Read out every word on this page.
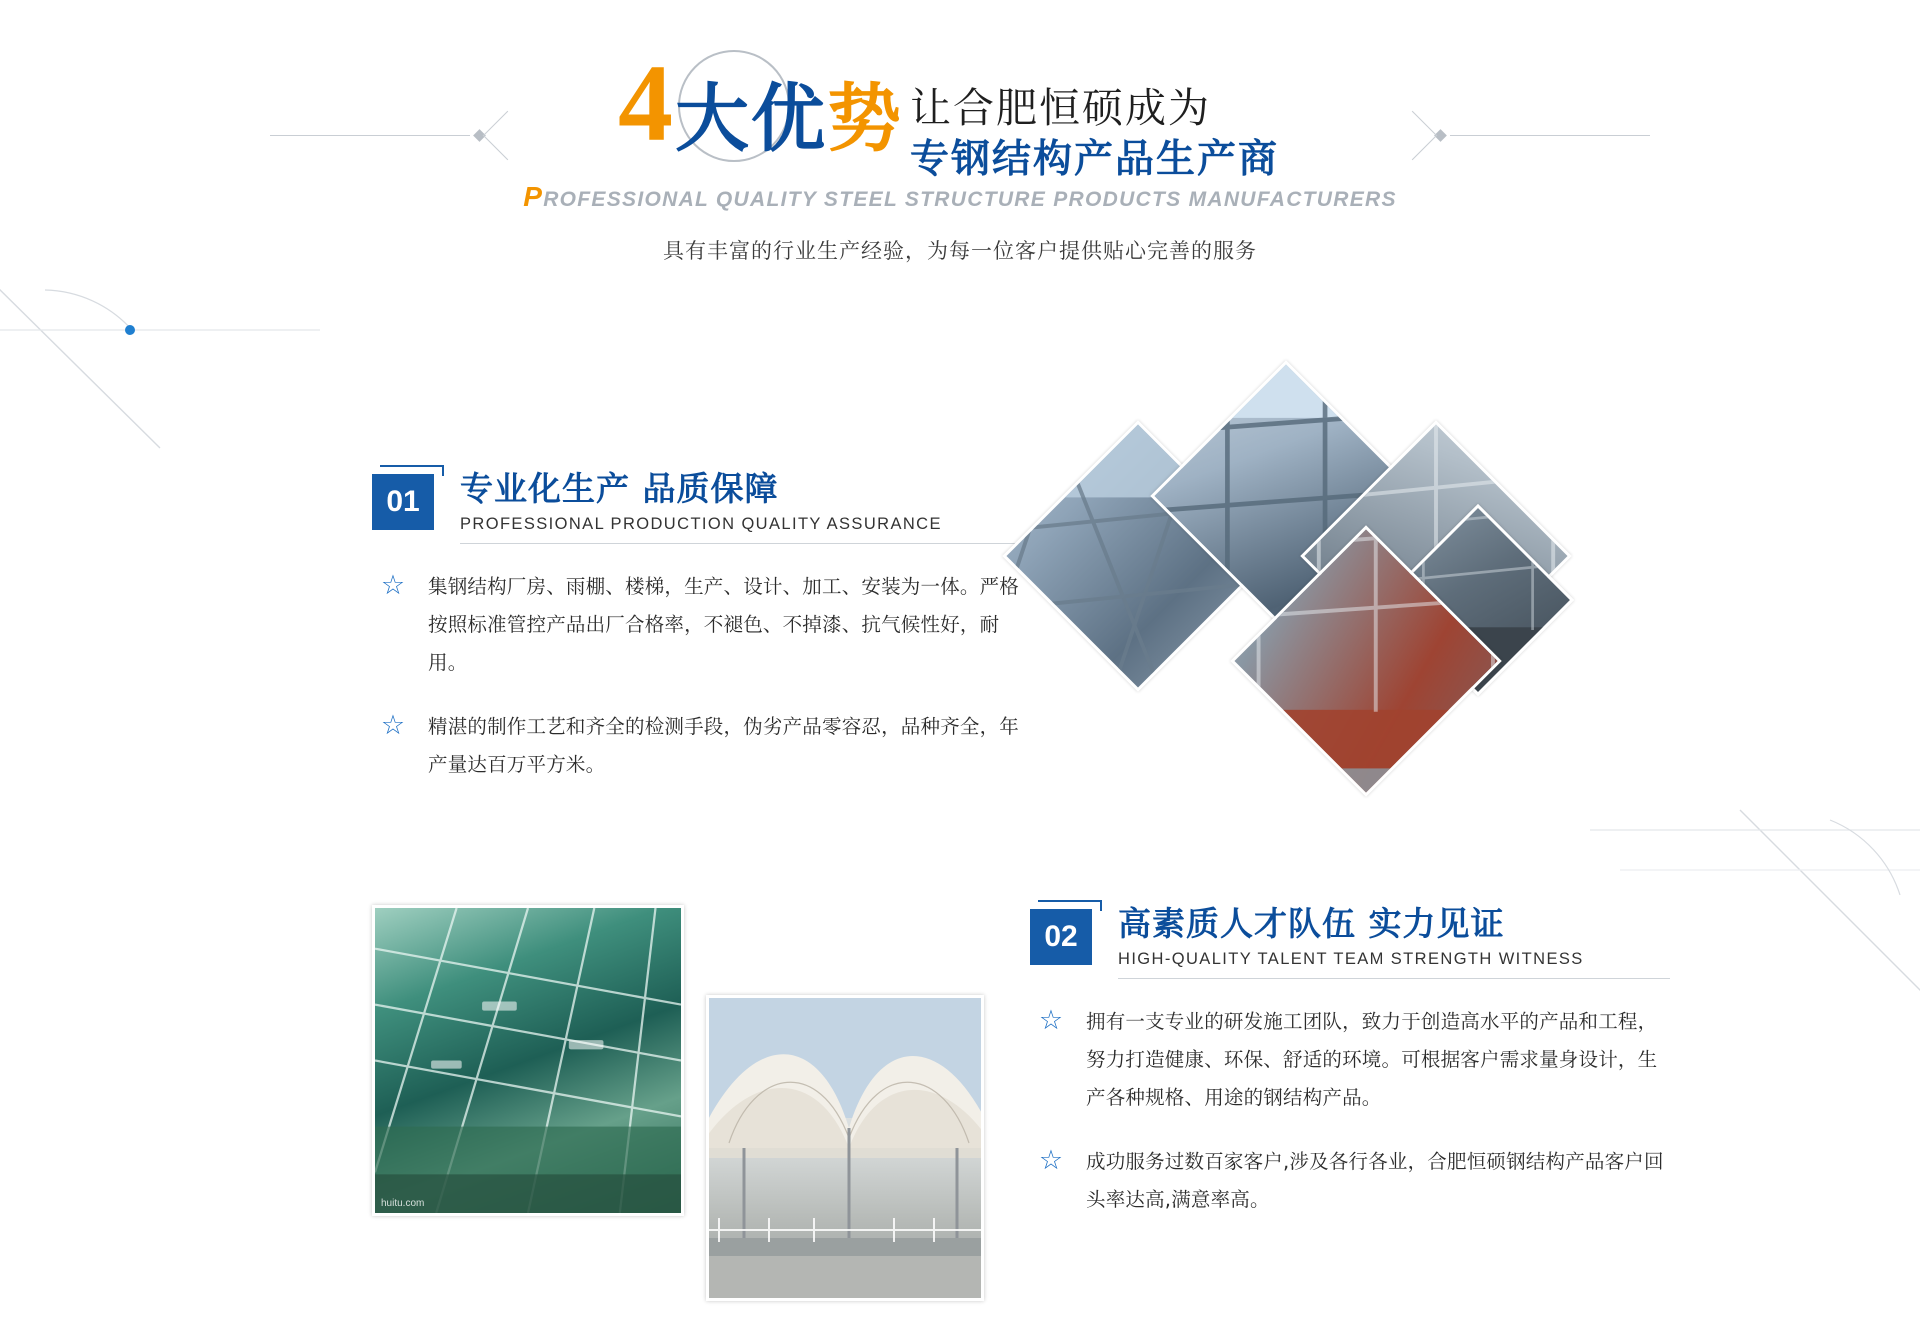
4 大优势 让合肥恒硕成为
专钢结构产品生产商
PROFESSIONAL QUALITY STEEL STRUCTURE PRODUCTS MANUFACTURERS
具有丰富的行业生产经验，为每一位客户提供贴心完善的服务
01	专业化生产 品质保障
PROFESSIONAL PRODUCTION QUALITY ASSURANCE
☆ 集钢结构厂房、雨棚、楼梯，生产、设计、加工、安装为一体。严格按照标准管控产品出厂合格率，不褪色、不掉漆、抗气候性好，耐用。
☆ 精湛的制作工艺和齐全的检测手段，伪劣产品零容忍，品种齐全，年产量达百万平方米。
huitu.com
02	高素质人才队伍 实力见证
HIGH-QUALITY TALENT TEAM STRENGTH WITNESS
☆ 拥有一支专业的研发施工团队，致力于创造高水平的产品和工程，努力打造健康、环保、舒适的环境。可根据客户需求量身设计，生产各种规格、用途的钢结构产品。
☆ 成功服务过数百家客户,涉及各行各业，合肥恒硕钢结构产品客户回头率达高,满意率高。
